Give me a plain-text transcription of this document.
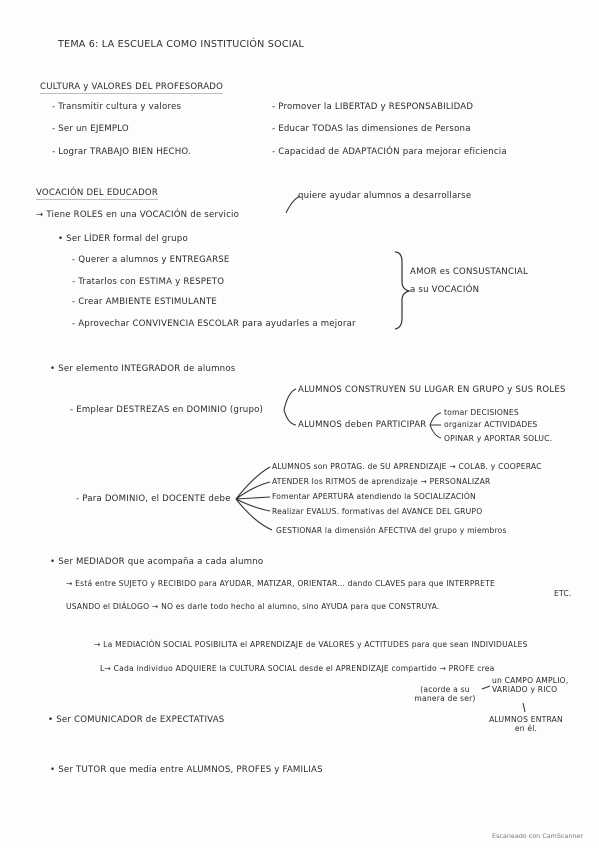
TEMA 6: LA ESCUELA COMO INSTITUCIÓN SOCIAL
CULTURA y VALORES DEL PROFESORADO
- Transmitir cultura y valores
- Ser un EJEMPLO
- Lograr TRABAJO BIEN HECHO.
- Promover la LIBERTAD y RESPONSABILIDAD
- Educar TODAS las dimensiones de Persona
- Capacidad de ADAPTACIÓN para mejorar eficiencia
VOCACIÓN DEL EDUCADOR	quiere ayudar alumnos a desarrollarse
→ Tiene ROLES en una VOCACIÓN de servicio
• Ser LÍDER formal del grupo
- Querer a alumnos y ENTREGARSE
- Tratarlos con ESTIMA y RESPETO
- Crear AMBIENTE ESTIMULANTE
- Aprovechar CONVIVENCIA ESCOLAR para ayudarles a mejorar
AMOR es CONSUSTANCIAL
a su VOCACIÓN
• Ser elemento INTEGRADOR de alumnos
ALUMNOS CONSTRUYEN SU LUGAR EN GRUPO y SUS ROLES
- Emplear DESTREZAS en DOMINIO (grupo)
ALUMNOS deben PARTICIPAR
tomar DECISIONES
organizar ACTIVIDADES
OPINAR y APORTAR SOLUC.
- Para DOMINIO, el DOCENTE debe
ALUMNOS son PROTAG. de SU APRENDIZAJE → COLAB. y COOPERAC
ATENDER los RITMOS de aprendizaje → PERSONALIZAR
Fomentar APERTURA atendiendo la SOCIALIZACIÓN
Realizar EVALUS. formativas del AVANCE DEL GRUPO
GESTIONAR la dimensión AFECTIVA del grupo y miembros
• Ser MEDIADOR que acompaña a cada alumno
→ Está entre SUJETO y RECIBIDO para AYUDAR, MATIZAR, ORIENTAR... dando CLAVES para que INTERPRETE
ETC.
USANDO el DIÁLOGO → NO es darle todo hecho al alumno, sino AYUDA para que CONSTRUYA.
→ La MEDIACIÓN SOCIAL POSIBILITA el APRENDIZAJE de VALORES y ACTITUDES para que sean INDIVIDUALES
L→ Cada individuo ADQUIERE la CULTURA SOCIAL desde el APRENDIZAJE compartido → PROFE crea
(acorde a su manera de ser)
un CAMPO AMPLIO, VARIADO y RICO
ALUMNOS ENTRAN en él.
• Ser COMUNICADOR de EXPECTATIVAS
• Ser TUTOR que media entre ALUMNOS, PROFES y FAMILIAS
Escaneado con CamScanner
